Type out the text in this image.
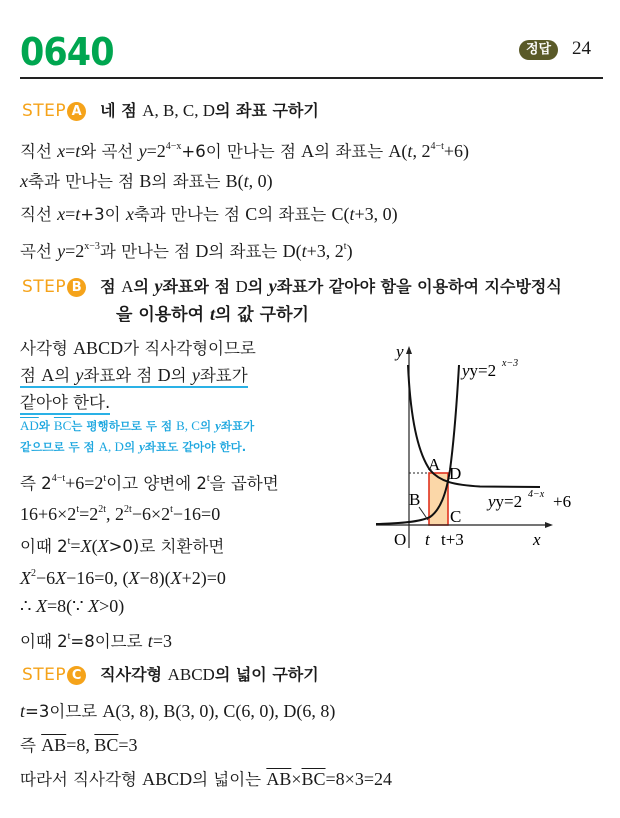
0640	정답	24
STEP A 네 점 A, B, C, D의 좌표 구하기
직선 x=t와 곡선 $y=2^{4-x}+6$이 만나는 점 A의 좌표는 A(t, $2^{4-t}+6$)
x축과 만나는 점 B의 좌표는 B(t, 0)
직선 x=t+3이 x축과 만나는 점 C의 좌표는 C(t+3, 0)
곡선 $y=2^{x-3}$과 만나는 점 D의 좌표는 D(t+3, 2$^t$)
STEP B 점 A의 y좌표와 점 D의 y좌표가 같아야 함을 이용하여 지수방정식
을 이용하여 t의 값 구하기
사각형 ABCD가 직사각형이므로
점 A의 y좌표와 점 D의 y좌표가
같아야 한다.
$\overline{AD}$와 $\overline{BC}$는 평행하므로 두 점 B, C의 y좌표가
같으므로 두 점 A, D의 y좌표도 같아야 한다.
즉 $2^{4-t}+6=2^t$이고 양변에 2$^t$을 곱하면
$16+6\times 2^t=2^{2t}$, $2^{2t}-6\times 2^t-16=0$
이때 $2^t=X(X>0)$로 치환하면
$X^2-6X-16=0$, (X−8)(X+2)=0
∴ X=8(∵ X>0)
이때 $2^t=8$이므로 t=3
y
x
O t t+3
A D
B
C
yy=2 x−3
yy=2 4−x +6
STEP C 직사각형 ABCD의 넓이 구하기
t=3이므로 A(3, 8), B(3, 0), C(6, 0), D(6, 8)
즉 $\overline{AB}=8$, $\overline{BC}=3$
따라서 직사각형 ABCD의 넓이는 $\overline{AB}\times\overline{BC}=8\times 3=24$
